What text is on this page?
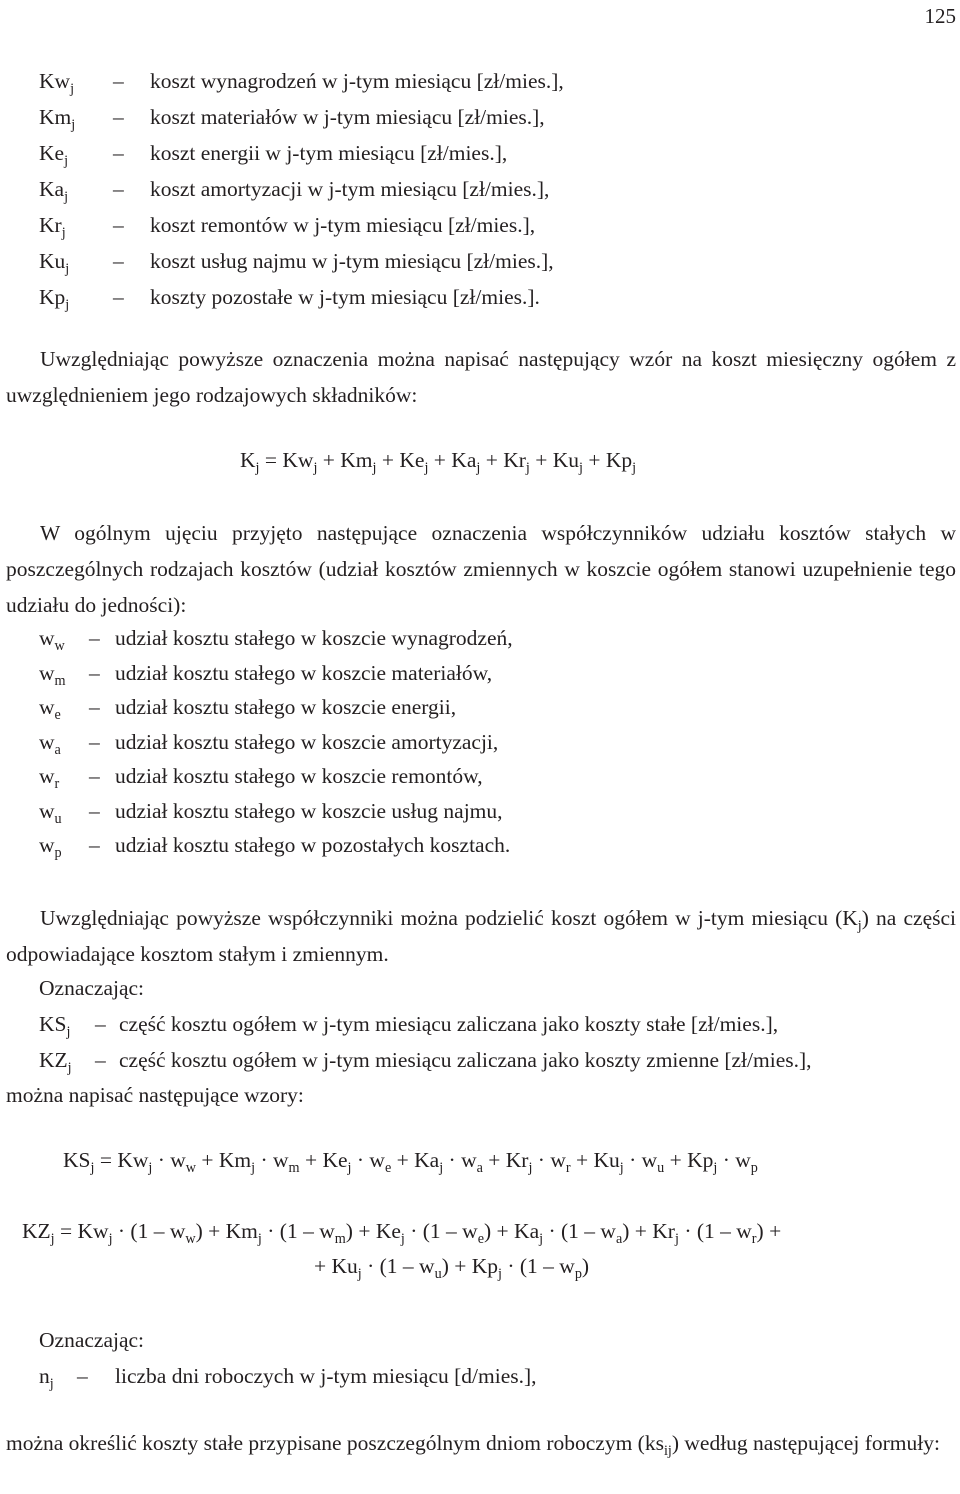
125
$Kw_j$	– koszt wynagrodzeń w j-tym miesiącu [zł/mies.],
$Km_j$	– koszt materiałów w j-tym miesiącu [zł/mies.],
$Ke_j$	– koszt energii w j-tym miesiącu [zł/mies.],
$Ka_j$	– koszt amortyzacji w j-tym miesiącu [zł/mies.],
$Kr_j$	– koszt remontów w j-tym miesiącu [zł/mies.],
$Ku_j$	– koszt usług najmu w j-tym miesiącu [zł/mies.],
$Kp_j$	– koszty pozostałe w j-tym miesiącu [zł/mies.].
Uwzględniając powyższe oznaczenia można napisać następujący wzór na koszt miesięczny ogółem z uwzględnieniem jego rodzajowych składników:
$K_j = Kw_j + Km_j + Ke_j + Ka_j + Kr_j + Ku_j + Kp_j$
W ogólnym ujęciu przyjęto następujące oznaczenia współczynników udziału kosztów stałych w poszczególnych rodzajach kosztów (udział kosztów zmiennych w koszcie ogółem stanowi uzupełnienie tego udziału do jedności):
$w_w$ – udział kosztu stałego w koszcie wynagrodzeń,
$w_m$ – udział kosztu stałego w koszcie materiałów,
$w_e$ – udział kosztu stałego w koszcie energii,
$w_a$ – udział kosztu stałego w koszcie amortyzacji,
$w_r$ – udział kosztu stałego w koszcie remontów,
$w_u$ – udział kosztu stałego w koszcie usług najmu,
$w_p$ – udział kosztu stałego w pozostałych kosztach.
Uwzględniając powyższe współczynniki można podzielić koszt ogółem w j-tym miesiącu $(K_j)$ na części odpowiadające kosztom stałym i zmiennym.
Oznaczając:
$KS_j$ – część kosztu ogółem w j-tym miesiącu zaliczana jako koszty stałe [zł/mies.],
$KZ_j$ – część kosztu ogółem w j-tym miesiącu zaliczana jako koszty zmienne [zł/mies.],
można napisać następujące wzory:
$KS_j = Kw_j \cdot w_w + Km_j \cdot w_m + Ke_j \cdot w_e + Ka_j \cdot w_a + Kr_j \cdot w_r + Ku_j \cdot w_u + Kp_j \cdot w_p$
$KZ_j = Kw_j \cdot (1 - w_w) + Km_j \cdot (1 - w_m) + Ke_j \cdot (1 - w_e) + Ka_j \cdot (1 - w_a) + Kr_j \cdot (1 - w_r)$ +
+ $Ku_j \cdot (1 - w_u) + Kp_j \cdot (1 - w_p)$
Oznaczając:
$n_j$ – liczba dni roboczych w j-tym miesiącu [d/mies.],
można określić koszty stałe przypisane poszczególnym dniom roboczym $(ks_{ij})$ według następującej formuły:
